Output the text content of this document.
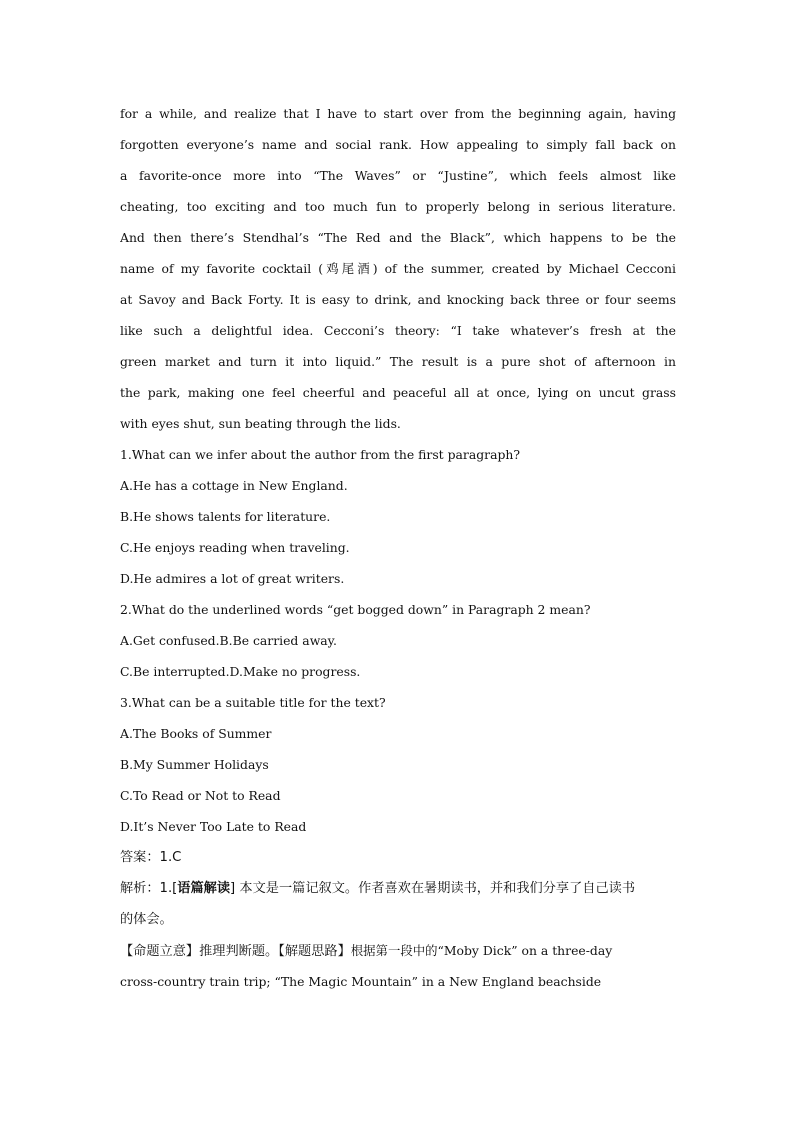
for a while, and realize that I have to start over from the beginning again, having
forgotten everyone’s name and social rank. How appealing to simply fall back on
a favorite-once more into “The Waves” or “Justine”, which feels almost like
cheating, too exciting and too much fun to properly belong in serious literature.
And then there’s Stendhal’s “The Red and the Black”, which happens to be the
name of my favorite cocktail (鸡尾酒) of the summer, created by Michael Cecconi
at Savoy and Back Forty. It is easy to drink, and knocking back three or four seems
like such a delightful idea. Cecconi’s theory: “I take whatever’s fresh at the
green market and turn it into liquid.” The result is a pure shot of afternoon in
the park, making one feel cheerful and peaceful all at once, lying on uncut grass
with eyes shut, sun beating through the lids.
1.What can we infer about the author from the first paragraph?
A.He has a cottage in New England.
B.He shows talents for literature.
C.He enjoys reading when traveling.
D.He admires a lot of great writers.
2.What do the underlined words “get bogged down” in Paragraph 2 mean?
A.Get confused.B.Be carried away.
C.Be interrupted.D.Make no progress.
3.What can be a suitable title for the text?
A.The Books of Summer
B.My Summer Holidays
C.To Read or Not to Read
D.It’s Never Too Late to Read
答案：1.C
解析：1.[语篇解读] 本文是一篇记叙文。作者喜欢在暑期读书，并和我们分享了自己读书
的体会。
【命题立意】推理判断题。【解题思路】根据第一段中的“Moby Dick” on a three-day
cross-country train trip; “The Magic Mountain” in a New England beachside
